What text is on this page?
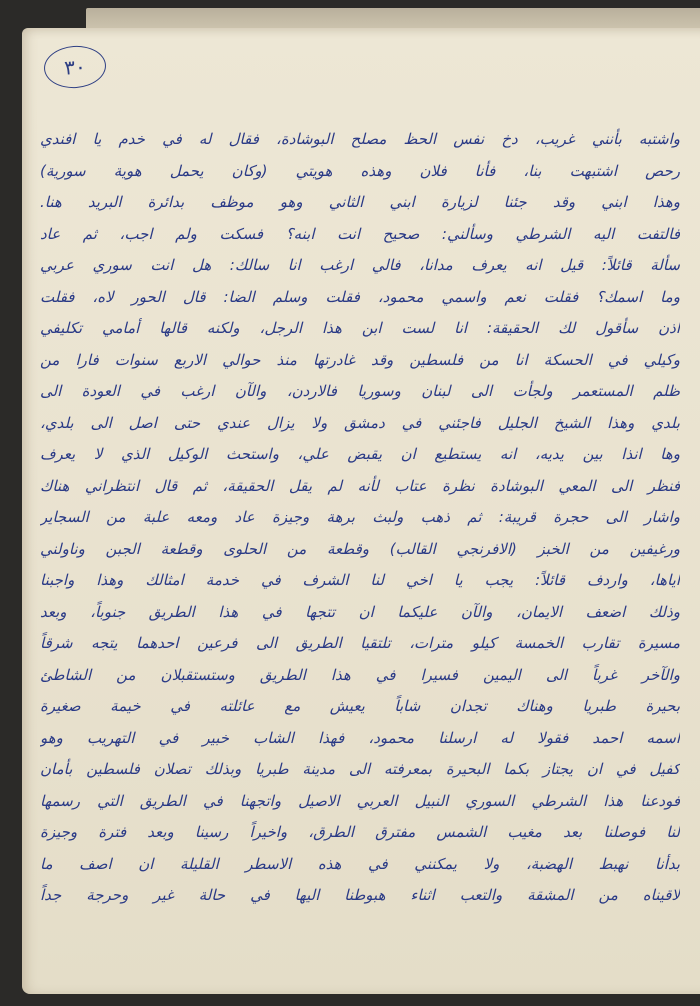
٣٠
واشتبه بأنني غريب، دخ نفس الحظ مصلح البوشادة، فقال له في خدم يا افندي
رحص اشتبهت بنا، فأنا فلان وهذه هويتي (وكان يحمل هوية سورية)
وهذا ابني وقد جئنا لزيارة ابني الثاني وهو موظف بدائرة البريد هنا.
فالتفت اليه الشرطي وسألني: صحيح انت ابنه؟ فسكت ولم اجب، ثم عاد
سألة قائلاً: قيل انه يعرف مدانا، فالي ارغب انا سالك: هل انت سوري عربي
وما اسمك؟ فقلت نعم واسمي محمود، فقلت وسلم الضا: قال الحور لاه، فقلت
اذن سأقول لك الحقيقة: انا لست ابن هذا الرجل، ولكنه قالها أمامي تكليفي
وكيلي في الحسكة انا من فلسطين وقد غادرتها منذ حوالي الاربع سنوات فارا من
ظلم المستعمر ولجأت الى لبنان وسوريا فالاردن، والآن ارغب في العودة الى
بلدي وهذا الشيخ الجليل فاجئني في دمشق ولا يزال عندي حتى اصل الى بلدي،
وها انذا بين يديه، انه يستطيع ان يقبض علي، واستحث الوكيل الذي لا يعرف
فنظر الى المعي البوشادة نظرة عتاب لأنه لم يقل الحقيقة، ثم قال انتظراني هناك
واشار الى حجرة قريبة: ثم ذهب ولبث برهة وجيزة عاد ومعه علبة من السجاير
ورغيفين من الخبز (الافرنجي القالب) وقطعة من الحلوى وقطعة الجبن وناولني
اياها، واردف قائلاً: يجب يا اخي لنا الشرف في خدمة امثالك وهذا واجبنا
وذلك اضعف الايمان، والآن عليكما ان تتجها في هذا الطريق جنوباً، وبعد
مسيرة تقارب الخمسة كيلو مترات، تلتقيا الطريق الى فرعين احدهما يتجه شرقاً
والآخر غرباً الى اليمين فسيرا في هذا الطريق وستستقبلان من الشاطئ
بحيرة طبريا وهناك تجدان شاباً يعيش مع عائلته في خيمة صغيرة
اسمه احمد فقولا له ارسلنا محمود، فهذا الشاب خبير في التهريب وهو
كفيل في ان يجتاز بكما البحيرة بمعرفته الى مدينة طبريا وبذلك تصلان فلسطين بأمان
فودعنا هذا الشرطي السوري النبيل العربي الاصيل واتجهنا في الطريق التي رسمها
لنا فوصلنا بعد مغيب الشمس مفترق الطرق، واخيراً رسينا وبعد فترة وجيزة
بدأنا نهبط الهضبة، ولا يمكنني في هذه الاسطر القليلة ان اصف ما
لاقيناه من المشقة والتعب اثناء هبوطنا اليها في حالة غير وحرجة جداً
